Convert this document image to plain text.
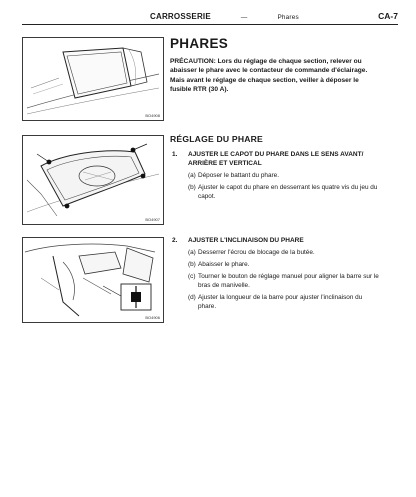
CARROSSERIE	—	Phares	CA-7
BO4908
BO4907
BO4906
PHARES
PRÉCAUTION: Lors du réglage de chaque section, relever ou abaisser le phare avec le contacteur de commande d'éclairage. Mais avant le réglage de chaque section, veiller à déposer le fusible RTR (30 A).
RÉGLAGE DU PHARE
1. AJUSTER LE CAPOT DU PHARE DANS LE SENS AVANT/ ARRIÈRE ET VERTICAL
(a) Déposer le battant du phare.
(b) Ajuster le capot du phare en desserrant les quatre vis du jeu du capot.
2. AJUSTER L'INCLINAISON DU PHARE
(a) Desserrer l'écrou de blocage de la butée.
(b) Abaisser le phare.
(c) Tourner le bouton de réglage manuel pour aligner la barre sur le bras de manivelle.
(d) Ajuster la longueur de la barre pour ajuster l'inclinaison du phare.
